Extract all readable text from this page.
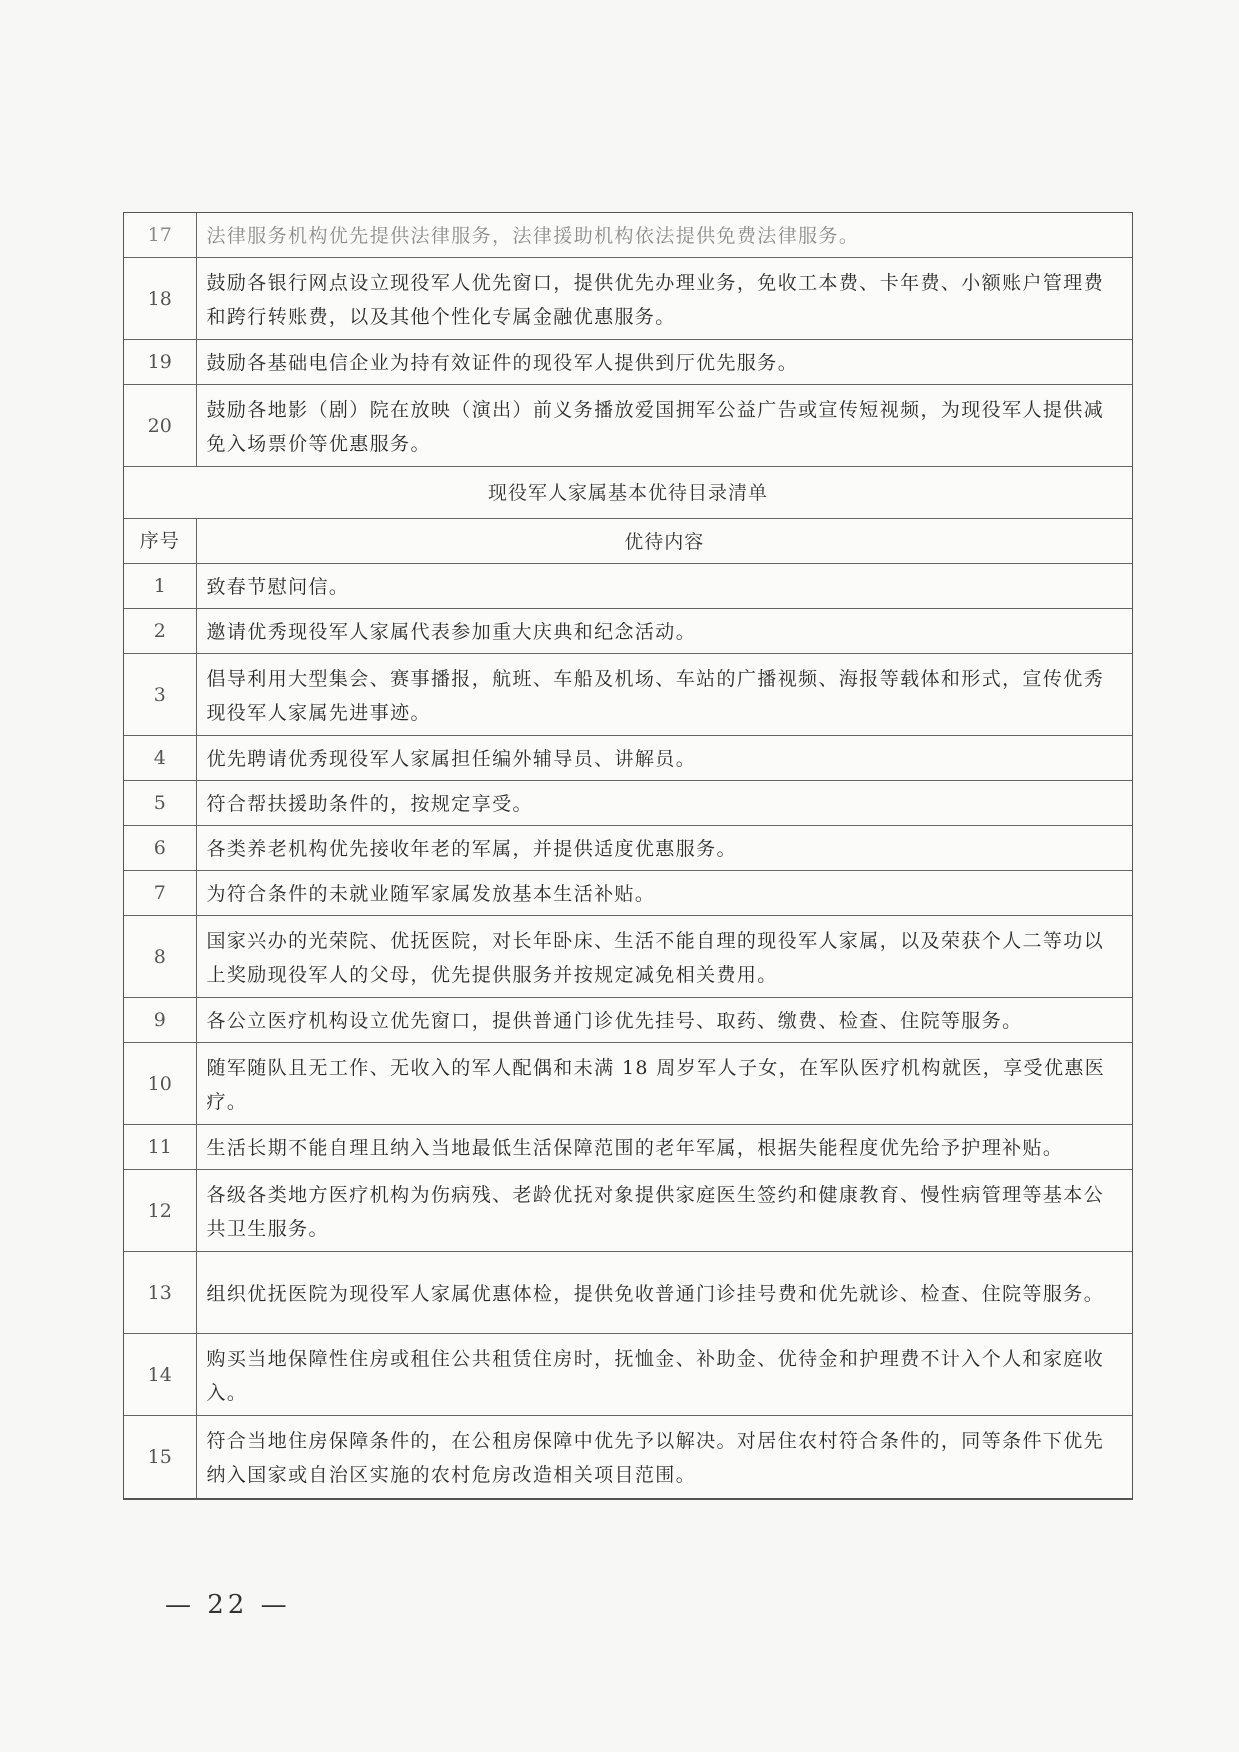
17	法律服务机构优先提供法律服务，法律援助机构依法提供免费法律服务。
18	鼓励各银行网点设立现役军人优先窗口，提供优先办理业务，免收工本费、卡年费、小额账户管理费和跨行转账费，以及其他个性化专属金融优惠服务。
19	鼓励各基础电信企业为持有效证件的现役军人提供到厅优先服务。
20	鼓励各地影（剧）院在放映（演出）前义务播放爱国拥军公益广告或宣传短视频，为现役军人提供减免入场票价等优惠服务。
现役军人家属基本优待目录清单	
序号	优待内容
1	致春节慰问信。
2	邀请优秀现役军人家属代表参加重大庆典和纪念活动。
3	倡导利用大型集会、赛事播报，航班、车船及机场、车站的广播视频、海报等载体和形式，宣传优秀现役军人家属先进事迹。
4	优先聘请优秀现役军人家属担任编外辅导员、讲解员。
5	符合帮扶援助条件的，按规定享受。
6	各类养老机构优先接收年老的军属，并提供适度优惠服务。
7	为符合条件的未就业随军家属发放基本生活补贴。
8	国家兴办的光荣院、优抚医院，对长年卧床、生活不能自理的现役军人家属，以及荣获个人二等功以上奖励现役军人的父母，优先提供服务并按规定减免相关费用。
9	各公立医疗机构设立优先窗口，提供普通门诊优先挂号、取药、缴费、检查、住院等服务。
10	随军随队且无工作、无收入的军人配偶和未满 18 周岁军人子女，在军队医疗机构就医，享受优惠医疗。
11	生活长期不能自理且纳入当地最低生活保障范围的老年军属，根据失能程度优先给予护理补贴。
12	各级各类地方医疗机构为伤病残、老龄优抚对象提供家庭医生签约和健康教育、慢性病管理等基本公共卫生服务。
13	组织优抚医院为现役军人家属优惠体检，提供免收普通门诊挂号费和优先就诊、检查、住院等服务。
14	购买当地保障性住房或租住公共租赁住房时，抚恤金、补助金、优待金和护理费不计入个人和家庭收入。
15	符合当地住房保障条件的，在公租房保障中优先予以解决。对居住农村符合条件的，同等条件下优先纳入国家或自治区实施的农村危房改造相关项目范围。
— 22 —
